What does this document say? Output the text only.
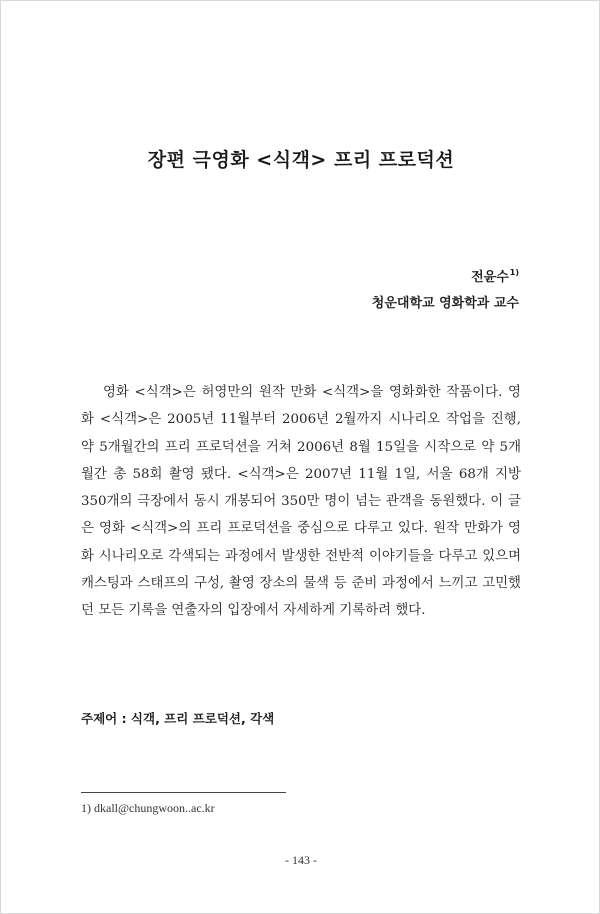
장편 극영화 <식객> 프리 프로덕션
전윤수$^{1)}$
청운대학교 영화학과 교수

영화 <식객>은 허영만의 원작 만화 <식객>을 영화화한 작품이다. 영화 <식객>은 2005년 11월부터 2006년 2월까지 시나리오 작업을 진행, 약 5개월간의 프리 프로덕션을 거쳐 2006년 8월 15일을 시작으로 약 5개월간 총 58회 촬영 됐다. <식객>은 2007년 11월 1일, 서울 68개 지방 350개의 극장에서 동시 개봉되어 350만 명이 넘는 관객을 동원했다. 이 글은 영화 <식객>의 프리 프로덕션을 중심으로 다루고 있다. 원작 만화가 영화 시나리오로 각색되는 과정에서 발생한 전반적 이야기들을 다루고 있으며 캐스팅과 스태프의 구성, 촬영 장소의 물색 등 준비 과정에서 느끼고 고민했던 모든 기록을 연출자의 입장에서 자세하게 기록하려 했다.

주제어 : 식객, 프리 프로덕션, 각색
1) dkall@chungwoon..ac.kr
- 143 -
